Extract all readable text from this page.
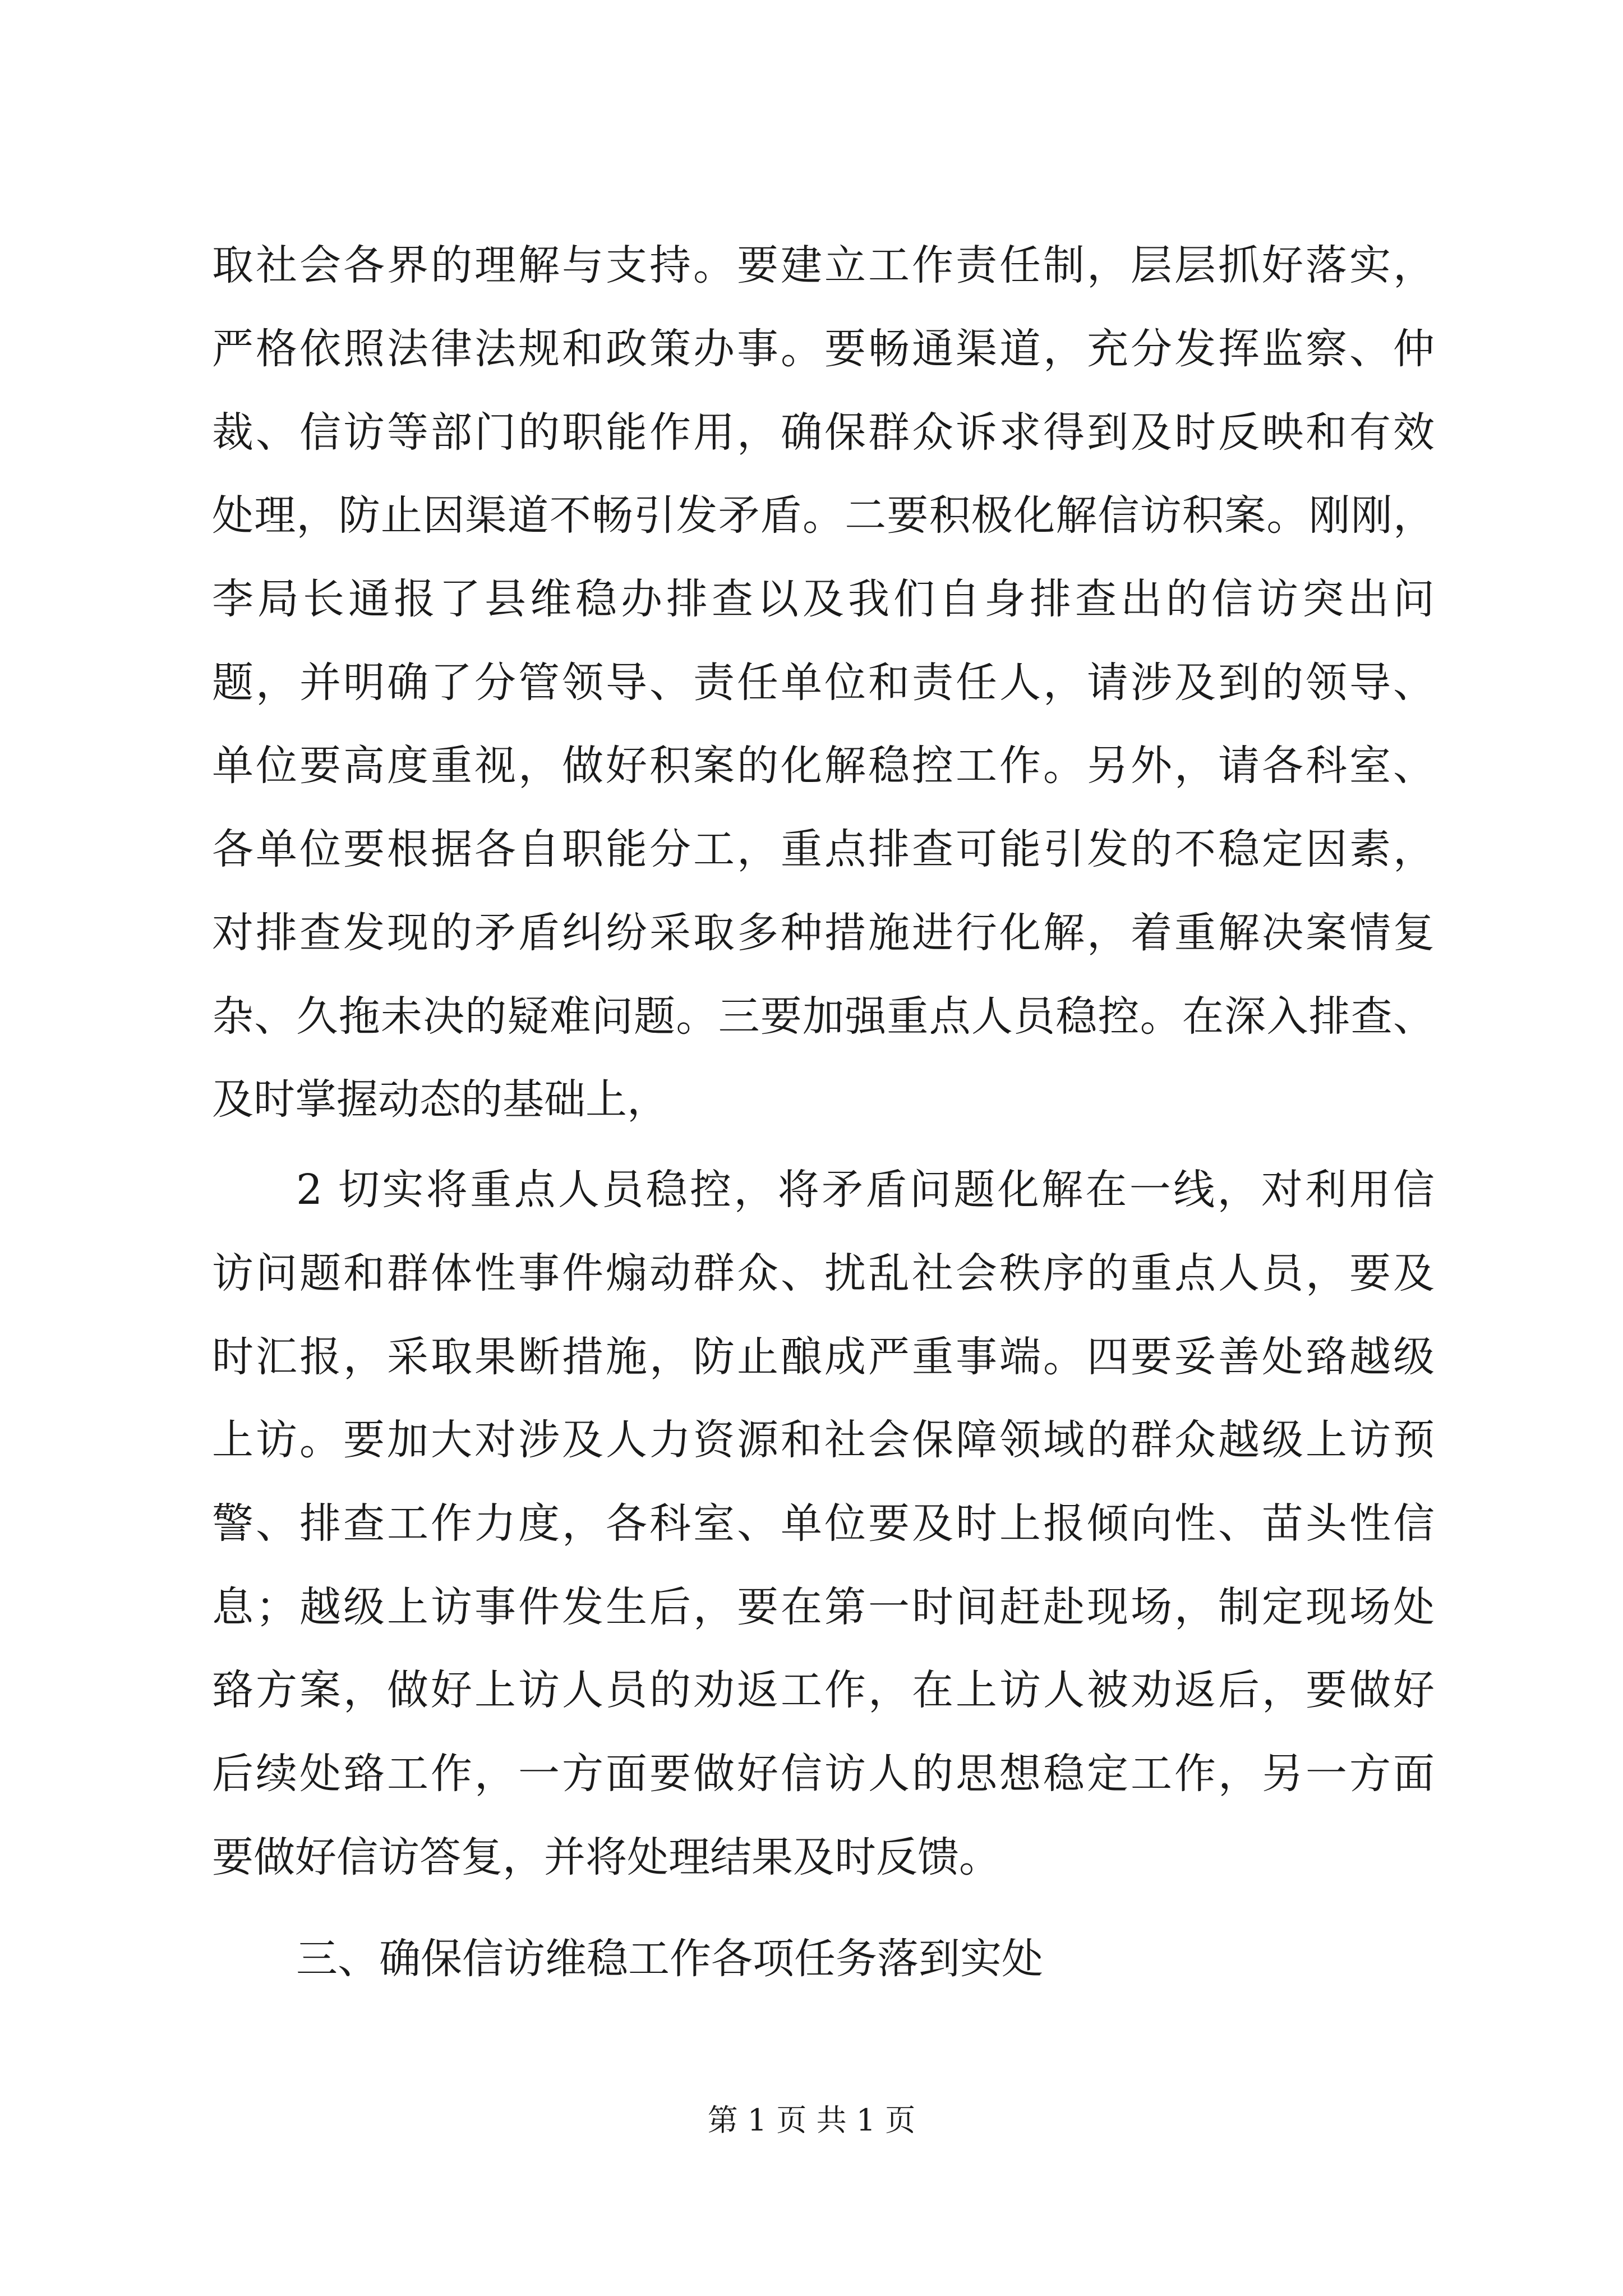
取社会各界的理解与支持。要建立工作责任制，层层抓好落实，
严格依照法律法规和政策办事。要畅通渠道，充分发挥监察、仲
裁、信访等部门的职能作用，确保群众诉求得到及时反映和有效
处理，防止因渠道不畅引发矛盾。二要积极化解信访积案。刚刚，
李局长通报了县维稳办排查以及我们自身排查出的信访突出问
题，并明确了分管领导、责任单位和责任人，请涉及到的领导、
单位要高度重视，做好积案的化解稳控工作。另外，请各科室、
各单位要根据各自职能分工，重点排查可能引发的不稳定因素，
对排查发现的矛盾纠纷采取多种措施进行化解，着重解决案情复
杂、久拖未决的疑难问题。三要加强重点人员稳控。在深入排查、
及时掌握动态的基础上，
2 切实将重点人员稳控，将矛盾问题化解在一线，对利用信
访问题和群体性事件煽动群众、扰乱社会秩序的重点人员，要及
时汇报，采取果断措施，防止酿成严重事端。四要妥善处臵越级
上访。要加大对涉及人力资源和社会保障领域的群众越级上访预
警、排查工作力度，各科室、单位要及时上报倾向性、苗头性信
息；越级上访事件发生后，要在第一时间赶赴现场，制定现场处
臵方案，做好上访人员的劝返工作，在上访人被劝返后，要做好
后续处臵工作，一方面要做好信访人的思想稳定工作，另一方面
要做好信访答复，并将处理结果及时反馈。
三、确保信访维稳工作各项任务落到实处
第 1 页 共 1 页
